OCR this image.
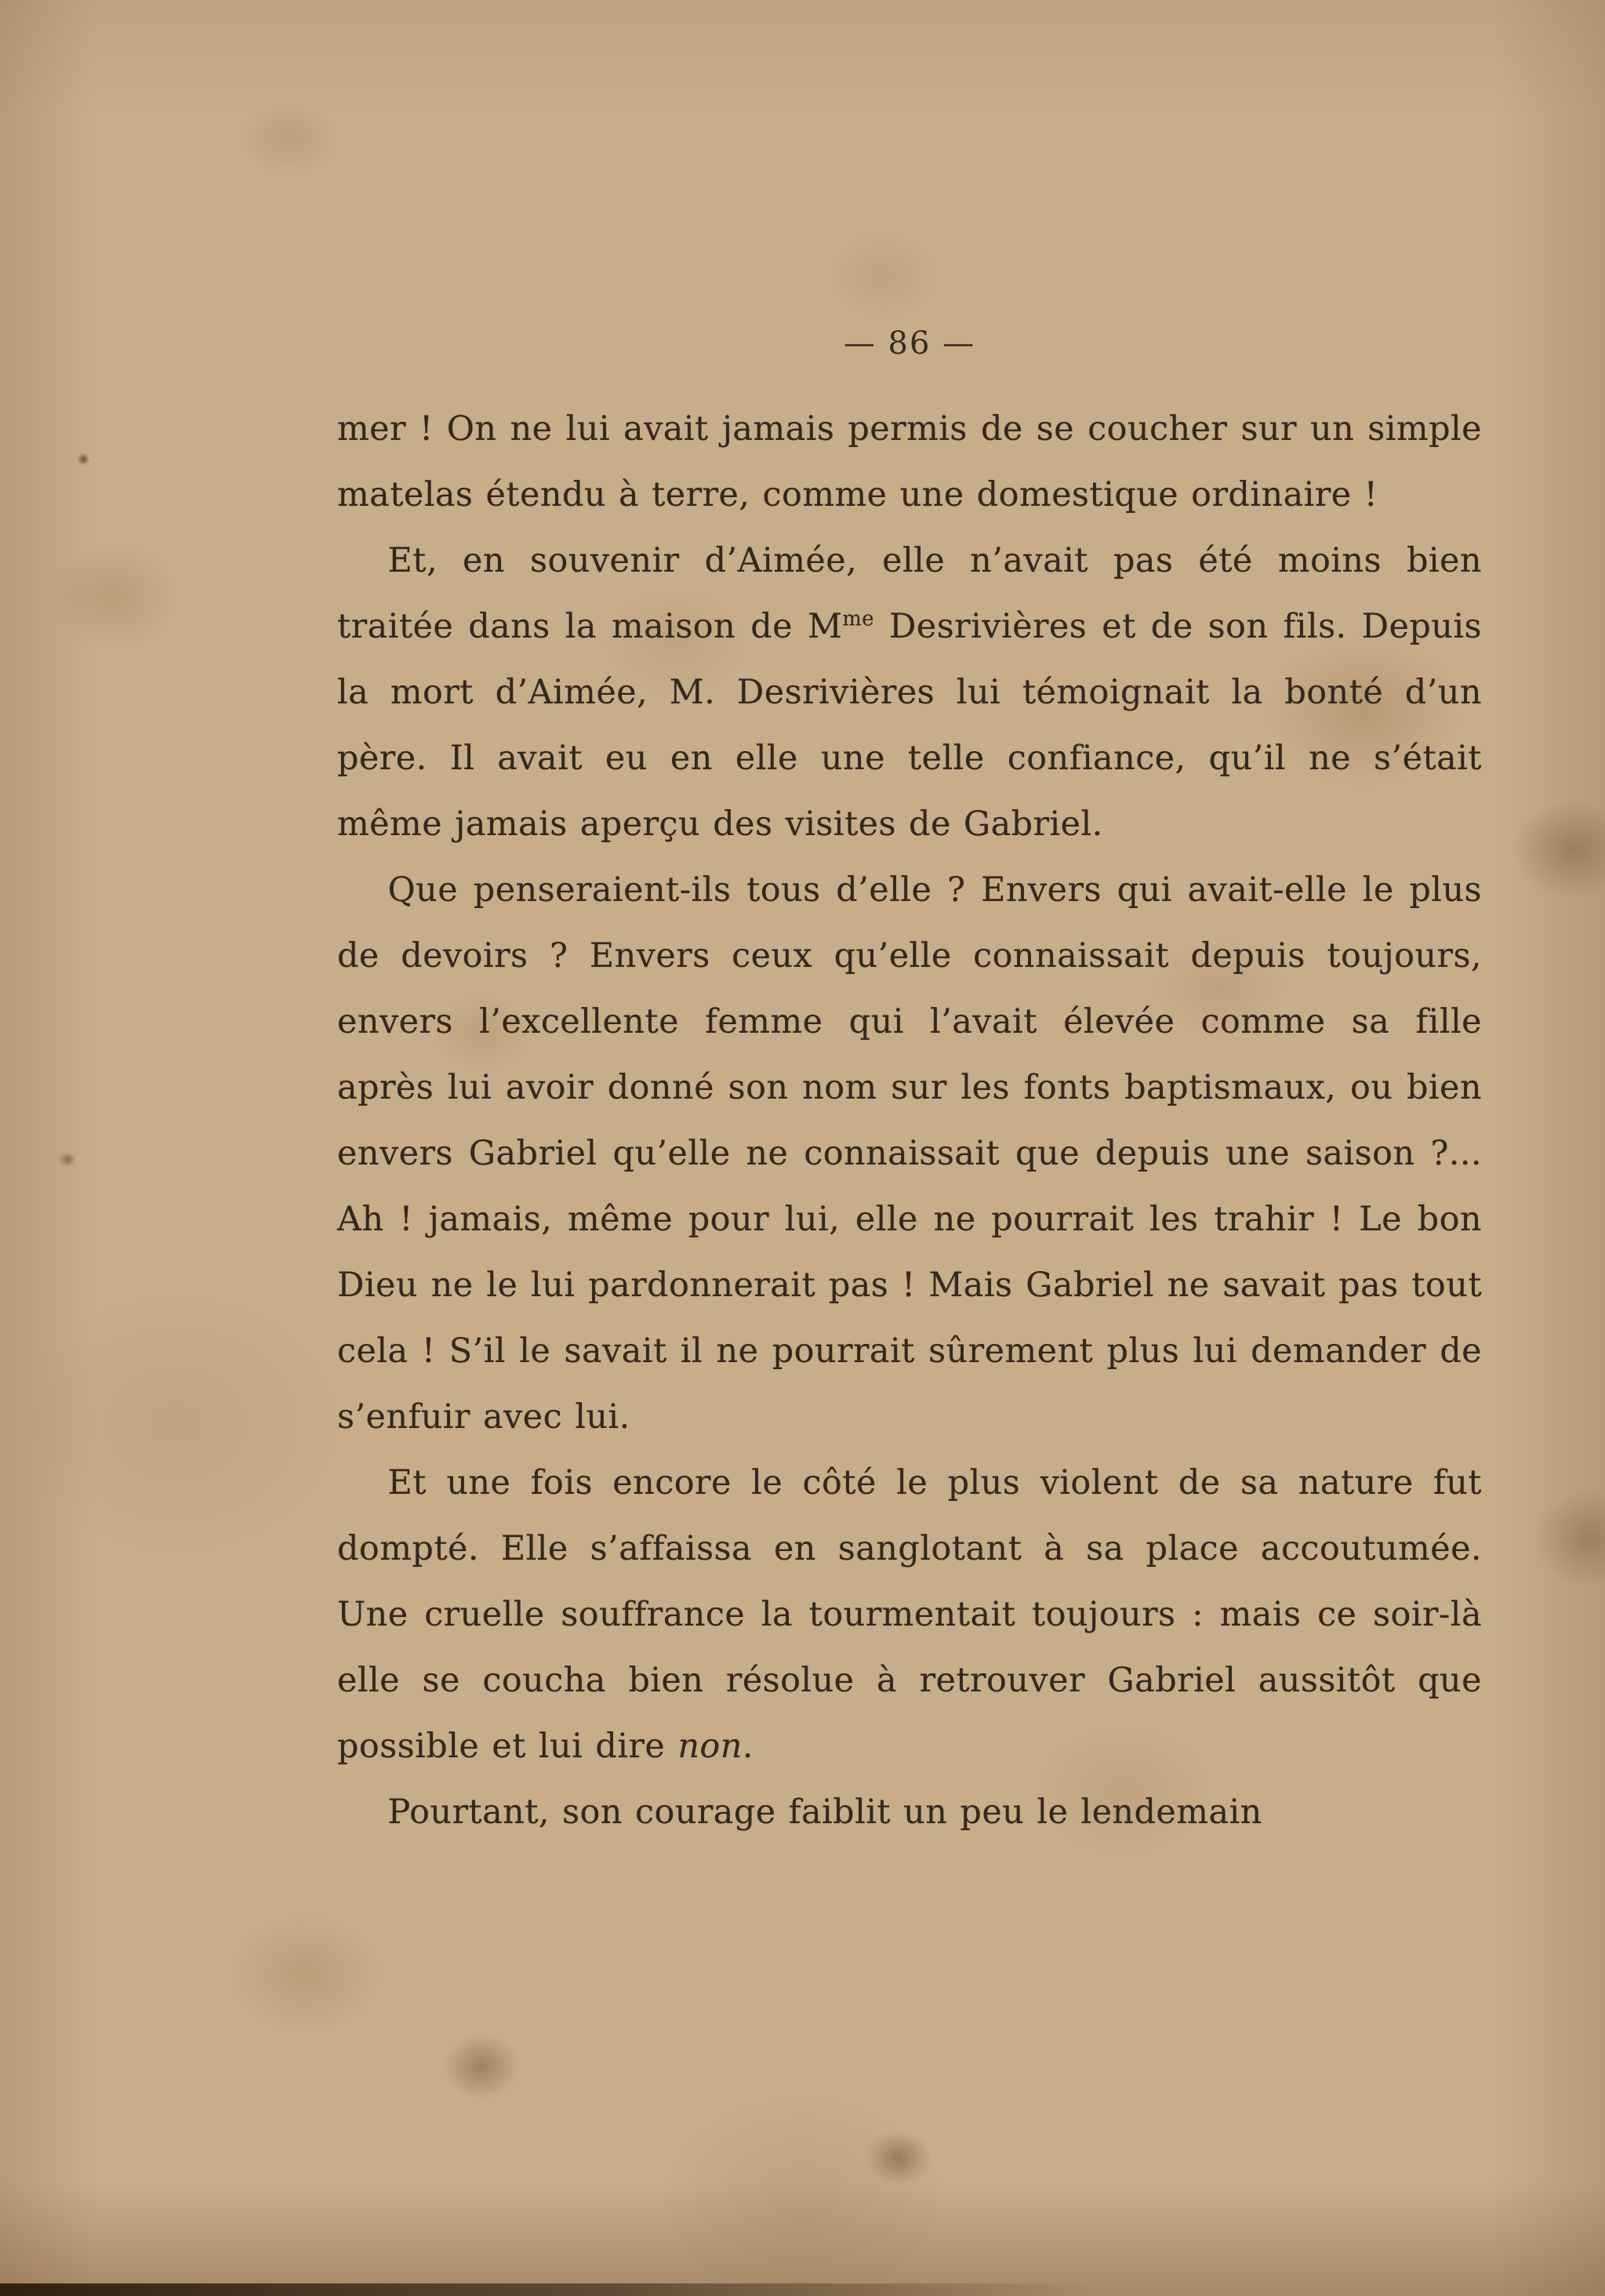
— 86 —

mer ! On ne lui avait jamais permis de se coucher sur un simple matelas étendu à terre, comme une domestique ordinaire !

Et, en souvenir d’Aimée, elle n’avait pas été moins bien traitée dans la maison de $M^{me}$ Desrivières et de son fils. Depuis la mort d’Aimée, M. Desrivières lui témoignait la bonté d’un père. Il avait eu en elle une telle confiance, qu’il ne s’était même jamais aperçu des visites de Gabriel.

Que penseraient-ils tous d’elle ? Envers qui avait-elle le plus de devoirs ? Envers ceux qu’elle connaissait depuis toujours, envers l’excellente femme qui l’avait élevée comme sa fille après lui avoir donné son nom sur les fonts baptismaux, ou bien envers Gabriel qu’elle ne connaissait que depuis une saison ?... Ah ! jamais, même pour lui, elle ne pourrait les trahir ! Le bon Dieu ne le lui pardonnerait pas ! Mais Gabriel ne savait pas tout cela ! S’il le savait il ne pourrait sûrement plus lui demander de s’enfuir avec lui.

Et une fois encore le côté le plus violent de sa nature fut dompté. Elle s’affaissa en sanglotant à sa place accoutumée. Une cruelle souffrance la tourmentait toujours : mais ce soir-là elle se coucha bien résolue à retrouver Gabriel aussitôt que possible et lui dire non.

Pourtant, son courage faiblit un peu le lendemain
